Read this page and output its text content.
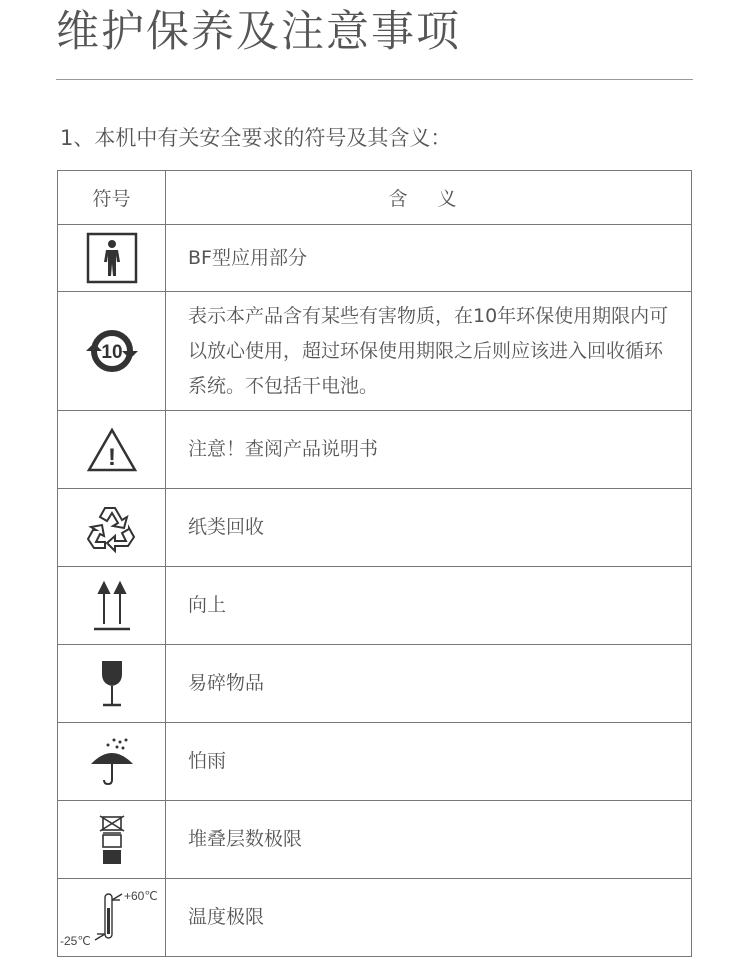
维护保养及注意事项
1、本机中有关安全要求的符号及其含义：
符号	含 义

	BF型应用部分

10	表示本产品含有某些有害物质，在10年环保使用期限内可以放心使用，超过环保使用期限之后则应该进入回收循环系统。不包括干电池。

!	注意！查阅产品说明书

	纸类回收

	向上

	易碎物品

	怕雨

	堆叠层数极限

+60℃
-25℃	温度极限
